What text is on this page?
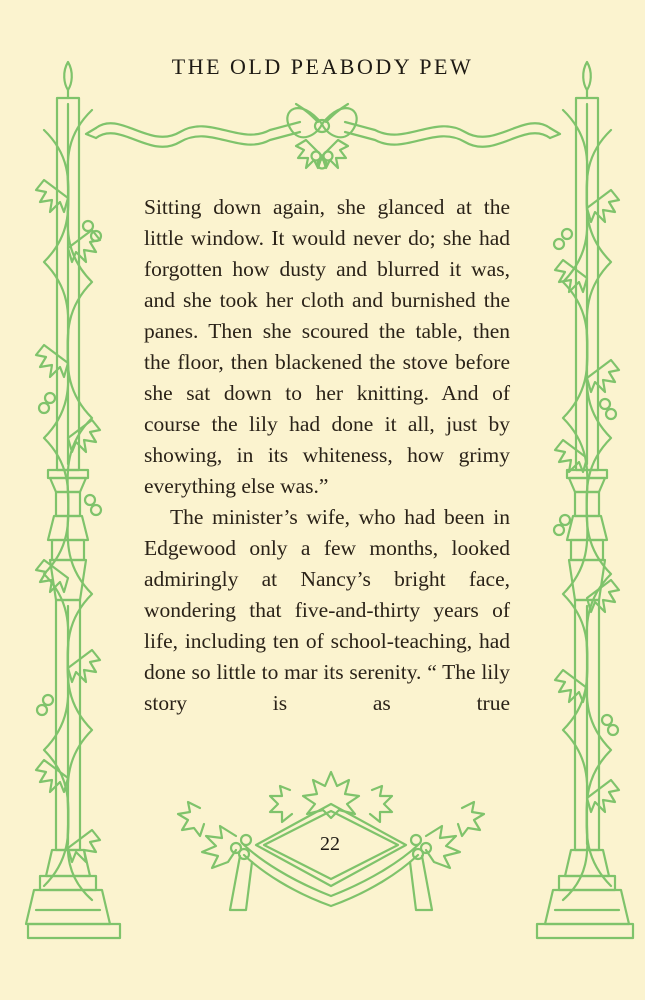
THE OLD PEABODY PEW

Sitting down again, she glanced at the little window. It would never do; she had forgotten how dusty and blurred it was, and she took her cloth and burnished the panes. Then she scoured the table, then the floor, then blackened the stove before she sat down to her knitting. And of course the lily had done it all, just by showing, in its whiteness, how grimy everything else was.”

The minister’s wife, who had been in Edgewood only a few months, looked admiringly at Nancy’s bright face, wondering that five-and-thirty years of life, including ten of school-teaching, had done so little to mar its serenity. “ The lily story is as true

22
